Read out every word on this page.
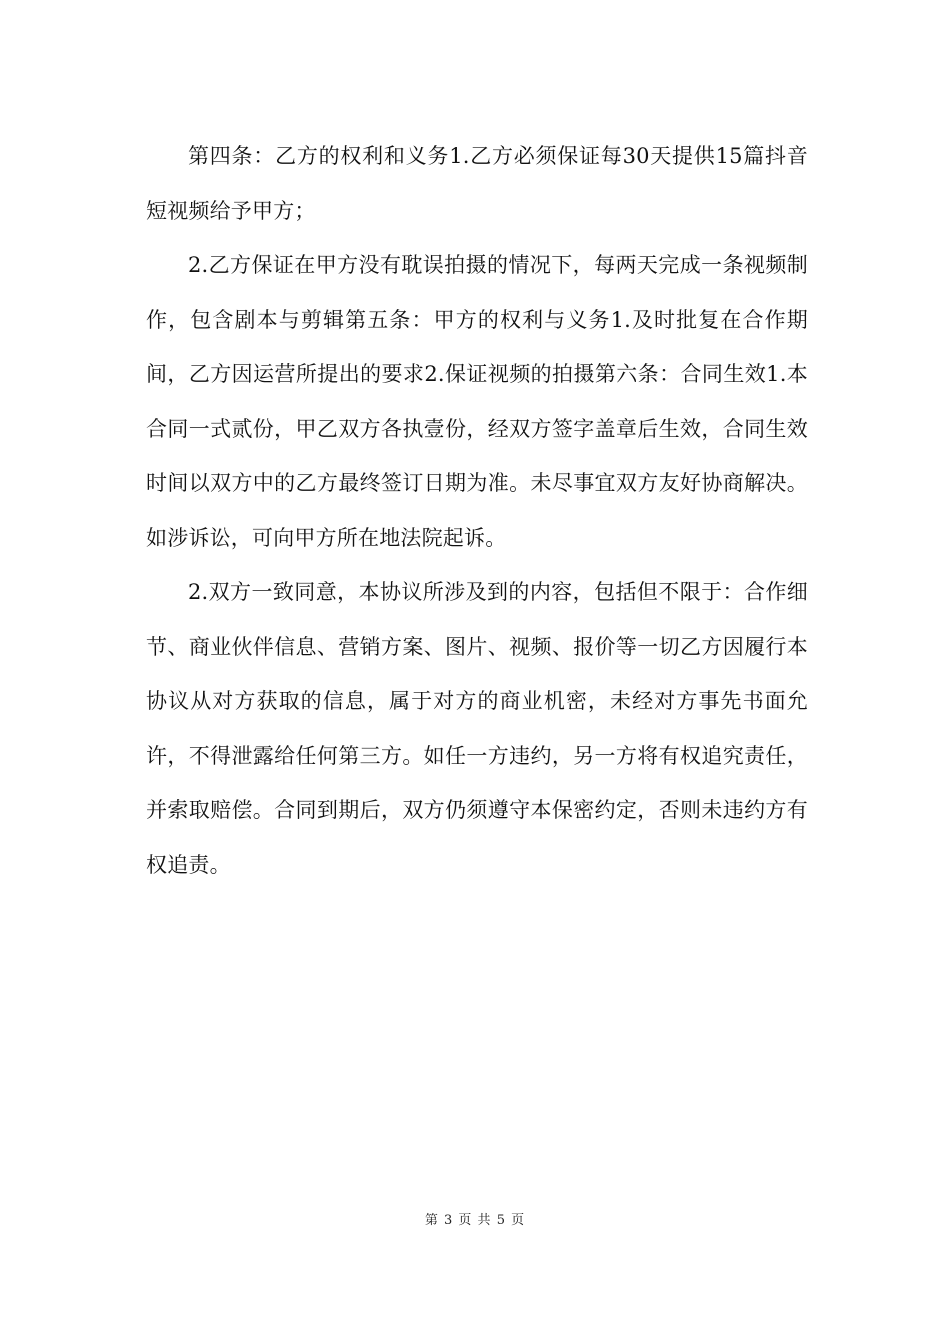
第四条：乙方的权利和义务1.乙方必须保证每30天提供15篇抖音短视频给予甲方；

2.乙方保证在甲方没有耽误拍摄的情况下，每两天完成一条视频制作，包含剧本与剪辑第五条：甲方的权利与义务1.及时批复在合作期间，乙方因运营所提出的要求2.保证视频的拍摄第六条：合同生效1.本合同一式贰份，甲乙双方各执壹份，经双方签字盖章后生效，合同生效时间以双方中的乙方最终签订日期为准。未尽事宜双方友好协商解决。如涉诉讼，可向甲方所在地法院起诉。

2.双方一致同意，本协议所涉及到的内容，包括但不限于：合作细节、商业伙伴信息、营销方案、图片、视频、报价等一切乙方因履行本协议从对方获取的信息，属于对方的商业机密，未经对方事先书面允许，不得泄露给任何第三方。如任一方违约，另一方将有权追究责任，并索取赔偿。合同到期后，双方仍须遵守本保密约定，否则未违约方有权追责。

第 3 页 共 5 页
